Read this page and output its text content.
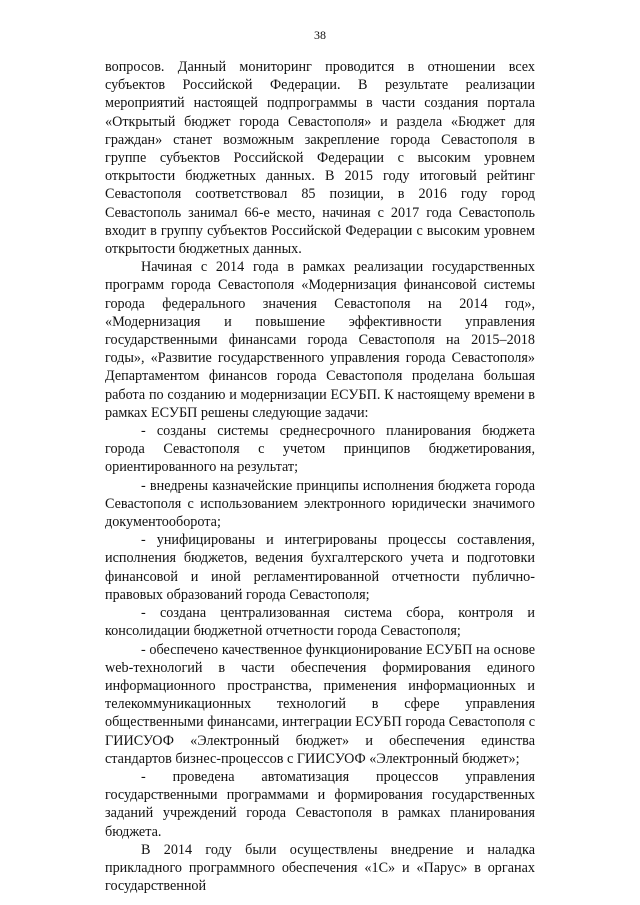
38

вопросов. Данный мониторинг проводится в отношении всех субъектов Российской Федерации. В результате реализации мероприятий настоящей подпрограммы в части создания портала «Открытый бюджет города Севастополя» и раздела «Бюджет для граждан» станет возможным закрепление города Севастополя в группе субъектов Российской Федерации с высоким уровнем открытости бюджетных данных. В 2015 году итоговый рейтинг Севастополя соответствовал 85 позиции, в 2016 году город Севастополь занимал 66-е место, начиная с 2017 года Севастополь входит в группу субъектов Российской Федерации с высоким уровнем открытости бюджетных данных.

Начиная с 2014 года в рамках реализации государственных программ города Севастополя «Модернизация финансовой системы города федерального значения Севастополя на 2014 год», «Модернизация и повышение эффективности управления государственными финансами города Севастополя на 2015–2018 годы», «Развитие государственного управления города Севастополя» Департаментом финансов города Севастополя проделана большая работа по созданию и модернизации ЕСУБП. К настоящему времени в рамках ЕСУБП решены следующие задачи:

- созданы системы среднесрочного планирования бюджета города Севастополя с учетом принципов бюджетирования, ориентированного на результат;

- внедрены казначейские принципы исполнения бюджета города Севастополя с использованием электронного юридически значимого документооборота;

- унифицированы и интегрированы процессы составления, исполнения бюджетов, ведения бухгалтерского учета и подготовки финансовой и иной регламентированной отчетности публично-правовых образований города Севастополя;

- создана централизованная система сбора, контроля и консолидации бюджетной отчетности города Севастополя;

- обеспечено качественное функционирование ЕСУБП на основе web-технологий в части обеспечения формирования единого информационного пространства, применения информационных и телекоммуникационных технологий в сфере управления общественными финансами, интеграции ЕСУБП города Севастополя с ГИИСУОФ «Электронный бюджет» и обеспечения единства стандартов бизнес-процессов с ГИИСУОФ «Электронный бюджет»;

- проведена автоматизация процессов управления государственными программами и формирования государственных заданий учреждений города Севастополя в рамках планирования бюджета.

В 2014 году были осуществлены внедрение и наладка прикладного программного обеспечения «1С» и «Парус» в органах государственной
